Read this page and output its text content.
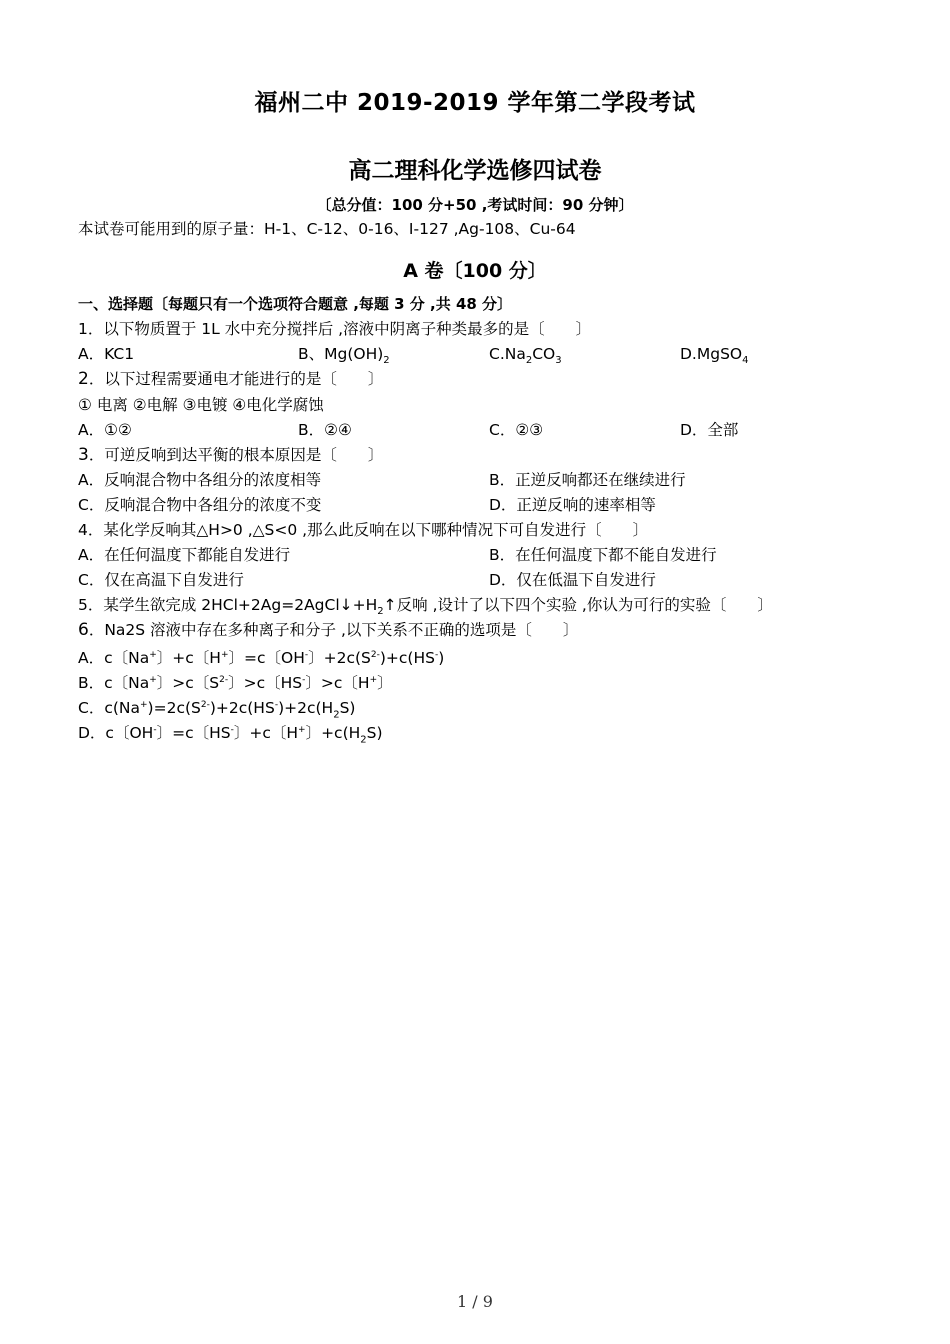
福州二中 2019-2019 学年第二学段考试
高二理科化学选修四试卷
〔总分值：100 分+50 ,考试时间：90 分钟〕
本试卷可能用到的原子量：H-1、C-12、0-16、I-127 ,Ag-108、Cu-64
A 卷〔100 分〕
一、选择题〔每题只有一个选项符合题意 ,每题 3 分 ,共 48 分〕
1．以下物质置于 1L 水中充分搅拌后 ,溶液中阴离子种类最多的是〔　　〕
A．KC1	B、$Mg(OH)_2$	$C.Na_2CO_3$	D.MgSO$_4$
2．以下过程需要通电才能进行的是〔　　〕
① 电离 ②电解 ③电镀 ④电化学腐蚀
A．①②	B．②④	C．②③	D．全部
3．可逆反响到达平衡的根本原因是〔　　〕
A．反响混合物中各组分的浓度相等	B．正逆反响都还在继续进行
C．反响混合物中各组分的浓度不变	D．正逆反响的速率相等
4．某化学反响其△H>0 ,△S<0 ,那么此反响在以下哪种情况下可自发进行〔　　〕
A．在任何温度下都能自发进行	B．在任何温度下都不能自发进行
C．仅在高温下自发进行	D．仅在低温下自发进行
5．某学生欲完成 $2HCl+2Ag=2AgCl↓+H_2↑$反响 ,设计了以下四个实验 ,你认为可行的实验〔　　〕
6．Na2S 溶液中存在多种离子和分子 ,以下关系不正确的选项是〔　　〕
A．c〔Na+〕+c〔H+〕=c〔OH-〕$+2c(S^{2-})+c(HS^-)$
B．c〔Na+〕>c〔$S^{2-}$〕>c〔HS-〕>c〔H+〕
C．$c(Na^+)=2c(S^{2-})+2c(HS^-)+2c(H_2S)$
D．c〔OH-〕=c〔HS-〕+c〔H+〕$+c(H_2S)$
1 / 9
